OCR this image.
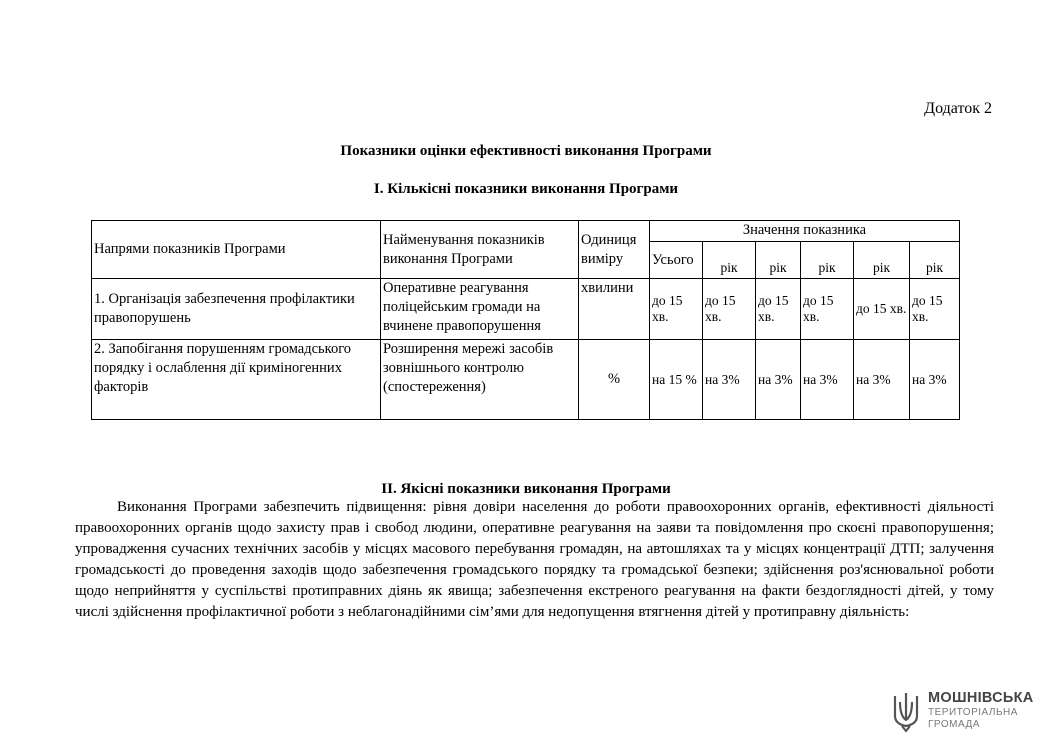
Додаток 2
Показники оцінки ефективності виконання Програми
І. Кількісні показники виконання Програми
Напрями показників Програми	Найменування показників виконання Програми	Одиниця виміру	Значення показника					
			Усього	рік	рік	рік	рік	рік
1. Організація забезпечення профілактики правопорушень	Оперативне реагування поліцейським громади на вчинене правопорушення	хвилини	до 15 хв.	до 15 хв.	до 15 хв.	до 15 хв.	до 15 хв.	до 15 хв.
2. Запобігання порушенням громадського порядку і ослаблення дії криміногенних факторів	Розширення мережі засобів зовнішнього контролю (спостереження)	%	на 15 %	на 3%	на 3%	на 3%	на 3%	на 3%
ІІ. Якісні показники виконання Програми
Виконання Програми забезпечить підвищення: рівня довіри населення до роботи правоохоронних органів, ефективності діяльності правоохоронних органів щодо захисту прав і свобод людини, оперативне реагування на заяви та повідомлення про скоєні правопорушення; упровадження сучасних технічних засобів у місцях масового перебування громадян, на автошляхах та у місцях концентрації ДТП; залучення громадськості до проведення заходів щодо забезпечення громадського порядку та громадської безпеки; здійснення роз'яснювальної роботи щодо неприйняття у суспільстві протиправних діянь як явища; забезпечення екстреного реагування на факти бездоглядності дітей, у тому числі здійснення профілактичної роботи з неблагонадійними сім’ями для недопущення втягнення дітей у протиправну діяльність:
МОШНІВСЬКА
ТЕРИТОРІАЛЬНА
ГРОМАДА
